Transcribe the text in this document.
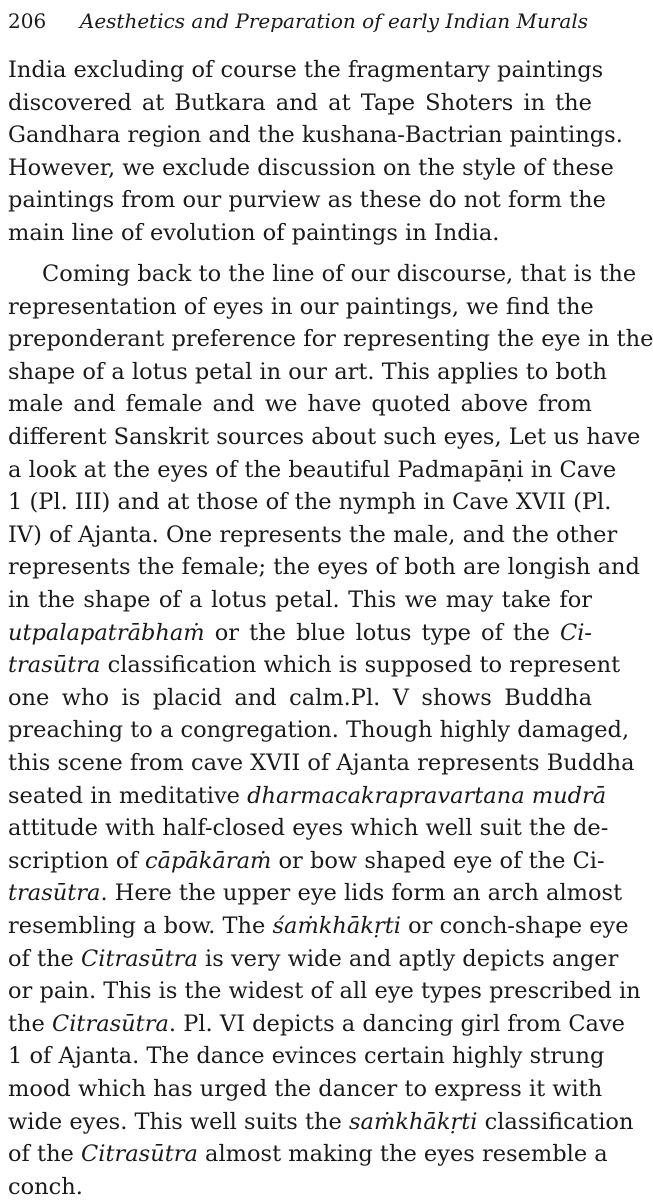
206 Aesthetics and Preparation of early Indian Murals
India excluding of course the fragmentary paintings
discovered at Butkara and at Tape Shoters in the
Gandhara region and the kushana-Bactrian paintings.
However, we exclude discussion on the style of these
paintings from our purview as these do not form the
main line of evolution of paintings in India.
Coming back to the line of our discourse, that is the
representation of eyes in our paintings, we find the
preponderant preference for representing the eye in the
shape of a lotus petal in our art. This applies to both
male and female and we have quoted above from
different Sanskrit sources about such eyes, Let us have
a look at the eyes of the beautiful Padmapāṇi in Cave
1 (Pl. III) and at those of the nymph in Cave XVII (Pl.
IV) of Ajanta. One represents the male, and the other
represents the female; the eyes of both are longish and
in the shape of a lotus petal. This we may take for
utpalapatrābhaṁ or the blue lotus type of the Ci-
trasūtra classification which is supposed to represent
one who is placid and calm.Pl. V shows Buddha
preaching to a congregation. Though highly damaged,
this scene from cave XVII of Ajanta represents Buddha
seated in meditative dharmacakrapravartana mudrā
attitude with half-closed eyes which well suit the de-
scription of cāpākāraṁ or bow shaped eye of the Ci-
trasūtra. Here the upper eye lids form an arch almost
resembling a bow. The śaṁkhākṛti or conch-shape eye
of the Citrasūtra is very wide and aptly depicts anger
or pain. This is the widest of all eye types prescribed in
the Citrasūtra. Pl. VI depicts a dancing girl from Cave
1 of Ajanta. The dance evinces certain highly strung
mood which has urged the dancer to express it with
wide eyes. This well suits the saṁkhākṛti classification
of the Citrasūtra almost making the eyes resemble a
conch.
